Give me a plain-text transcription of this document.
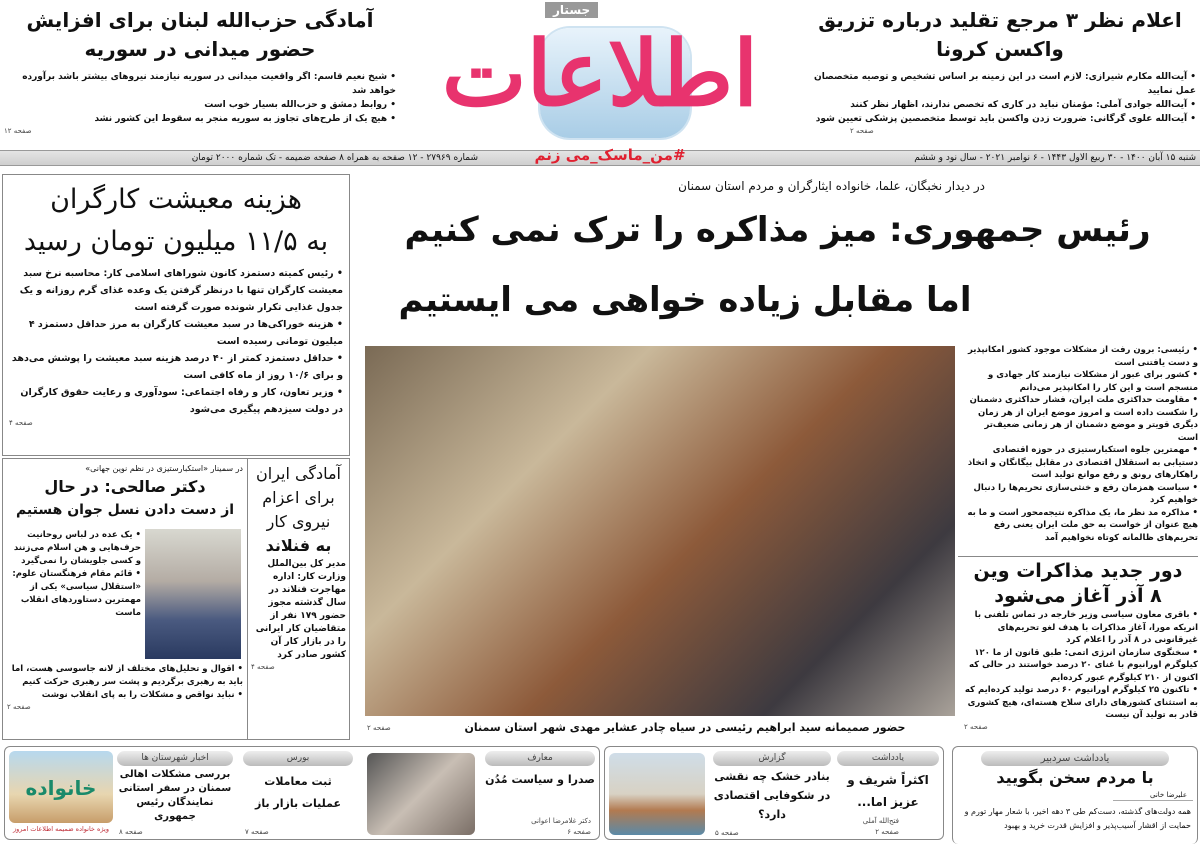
آمادگی حزب‌الله لبنان برای افزایش
حضور میدانی در سوریه
• شیخ نعیم قاسم: اگر واقعیت میدانی در سوریه نیازمند نیروهای بیشتر باشد برآورده خواهد شد
• روابط دمشق و حزب‌الله بسیار خوب است
• هیچ یک از طرح‌های تجاوز به سوریه منجر به سقوط این کشور نشد
صفحه ۱۲
اطلاعات
جستار
#من_ماسک_می زنم	شنبه ۱۵ آبان ۱۴۰۰ - ۳۰ ربیع الاول ۱۴۴۳ - ۶ نوامبر ۲۰۲۱ - سال نود و ششم
شماره ۲۷۹۶۹ - ۱۲ صفحه به همراه ۸ صفحه ضمیمه - تک شماره ۲۰۰۰ تومان
اعلام نظر ۳ مرجع تقلید درباره تزریق
واکسن کرونا
• آیت‌الله مکارم شیرازی: لازم است در این زمینه بر اساس تشخیص و توصیه متخصصان عمل نمایید
• آیت‌الله جوادی آملی: مؤمنان نباید در کاری که تخصص ندارند، اظهار نظر کنند
• آیت‌الله علوی گرگانی: ضرورت زدن واکسن باید توسط متخصصین پزشکی تعیین شود
صفحه ۲
هزینه معیشت کارگران
به ۱۱/۵ میلیون تومان رسید
• رئیس کمیته دستمزد کانون شوراهای اسلامی کار: محاسبه نرخ سبد معیشت کارگران تنها با درنظر گرفتن یک وعده غذای گرم روزانه و یک جدول غذایی تکرار شونده صورت گرفته است
• هزینه خوراکی‌ها در سبد معیشت کارگران به مرز حداقل دستمزد ۴ میلیون تومانی رسیده است
• حداقل دستمزد کمتر از ۴۰ درصد هزینه سبد معیشت را پوشش می‌دهد و برای ۱۰/۶ روز از ماه کافی است
• وزیر تعاون، کار و رفاه اجتماعی: سودآوری و رعایت حقوق کارگران در دولت سیزدهم پیگیری می‌شود
صفحه ۴
آمادگی ایران
برای اعزام
نیروی کار
به فنلاند
مدیر کل بین‌الملل وزارت کار: اداره مهاجرت فنلاند در سال گذشته مجوز حضور ۱۷۹ نفر از متقاضیان کار ایرانی را در بازار کار آن کشور صادر کرد
صفحه ۴
در سمینار «استکبارستیزی در نظم نوین جهانی»
دکتر صالحی: در حال
از دست دادن نسل جوان هستیم
• یک عده در لباس روحانیت حرف‌هایی و هن اسلام می‌زنند و کسی جلویشان را نمی‌گیرد
• قائم مقام فرهنگستان علوم: «استقلال سیاسی» یکی از مهمترین دستاوردهای انقلاب ماست
• اقوال و تحلیل‌های مختلف از لانه جاسوسی هست، اما باید به رهبری برگردیم و پشت سر رهبری حرکت کنیم
• نباید نواقص و مشکلات را به پای انقلاب نوشت
صفحه ۲
در دیدار نخبگان، علما، خانواده ایثارگران و مردم استان سمنان
رئیس جمهوری: میز مذاکره را ترک نمی کنیم
اما مقابل زیاده خواهی می ایستیم
حضور صمیمانه سید ابراهیم رئیسی در سیاه چادر عشایر مهدی شهر استان سمنان
صفحه ۲
• رئیسی: برون رفت از مشکلات موجود کشور امکانپذیر و دست یافتنی است
• کشور برای عبور از مشکلات نیازمند کار جهادی و منسجم است و این کار را امکانپذیر می‌دانم
• مقاومت حداکثری ملت ایران، فشار حداکثری دشمنان را شکست داده است و امروز موضع ایران از هر زمان دیگری قویتر و موضع دشمنان از هر زمانی ضعیف‌تر است
• مهمترین جلوه استکبارستیزی در حوزه اقتصادی دستیابی به استقلال اقتصادی در مقابل بیگانگان و اتخاذ راهکارهای رونق و رفع موانع تولید است
• سیاست همزمان رفع و خنثی‌سازی تحریم‌ها را دنبال خواهیم کرد
• مذاکره مد نظر ما، یک مذاکره نتیجه‌محور است و ما به هیچ عنوان از خواست به حق ملت ایران یعنی رفع تحریم‌های ظالمانه کوتاه نخواهیم آمد
دور جدید مذاکرات وین
۸ آذر آغاز می‌شود
• باقری معاون سیاسی وزیر خارجه در تماس تلفنی با انریکه مورا، آغاز مذاکرات با هدف لغو تحریم‌های غیرقانونی در ۸ آذر را اعلام کرد
• سخنگوی سازمان انرژی اتمی: طبق قانون از ما ۱۲۰ کیلوگرم اورانیوم با غنای ۲۰ درصد خواستند در حالی که اکنون از ۲۱۰ کیلوگرم عبور کرده‌ایم
• تاکنون ۲۵ کیلوگرم اورانیوم ۶۰ درصد تولید کرده‌ایم که به استثنای کشورهای دارای سلاح هسته‌ای، هیچ کشوری قادر به تولید آن نیست
صفحه ۲
خانواده
ویژه خانواده ضمیمه اطلاعات امروز
اخبار شهرستان ها
بررسی مشکلات اهالی سمنان در سفر استانی نمایندگان رئیس جمهوری
صفحه ۸
بورس
ثبت معاملات عملیات بازار باز
صفحه ۷
معارف
صدرا و سیاست مُدُن
دکتر غلامرضا اعوانی
صفحه ۶
گزارش
بنادر خشک چه نقشی در شکوفایی اقتصادی دارد؟
صفحه ۵
یادداشت
اکثراً شریف و عزیز اما...
فتح‌الله آملی
صفحه ۲
یادداشت سردبیر
با مردم سخن بگویید
علیرضا خانی
همه دولت‌های گذشته، دست‌کم طی ۳ دهه اخیر، با شعار مهار تورم و حمایت از اقشار آسیب‌پذیر و افزایش قدرت خرید و بهبود
